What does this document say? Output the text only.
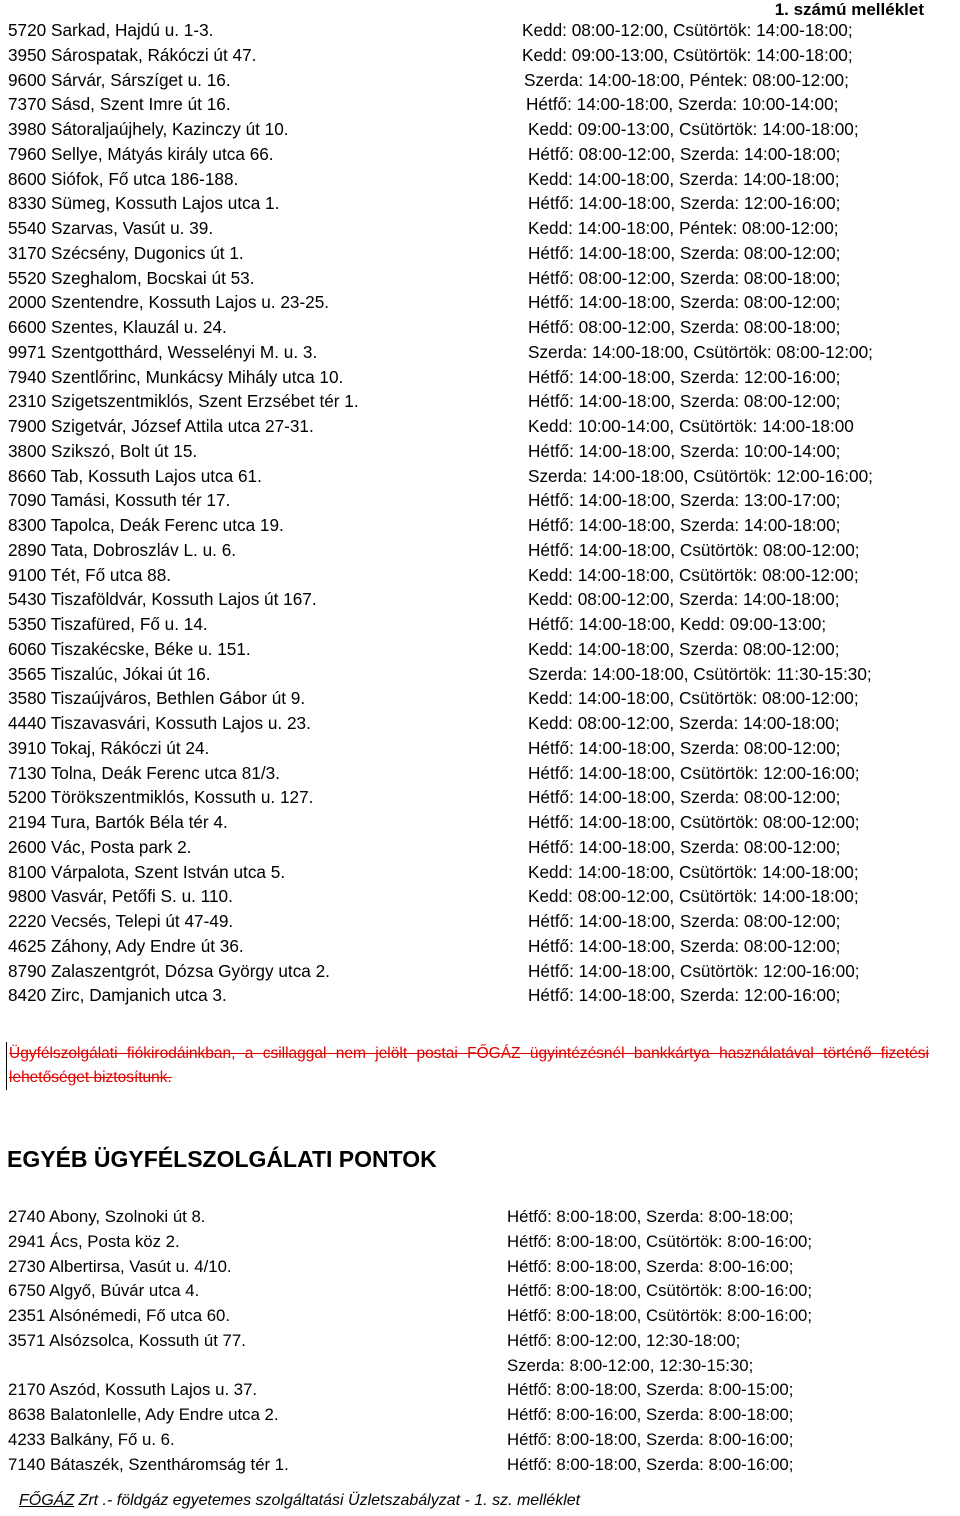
1. számú melléklet
5720 Sarkad, Hajdú u. 1-3.	Kedd: 08:00-12:00, Csütörtök: 14:00-18:00;
3950 Sárospatak, Rákóczi út 47.	Kedd: 09:00-13:00, Csütörtök: 14:00-18:00;
9600 Sárvár, Sárszíget u. 16.	Szerda: 14:00-18:00, Péntek: 08:00-12:00;
7370 Sásd, Szent Imre út 16.	Hétfő: 14:00-18:00, Szerda: 10:00-14:00;
3980 Sátoraljaújhely, Kazinczy út 10.	Kedd: 09:00-13:00, Csütörtök: 14:00-18:00;
7960 Sellye, Mátyás király utca 66.	Hétfő: 08:00-12:00, Szerda: 14:00-18:00;
8600 Siófok, Fő utca 186-188.	Kedd: 14:00-18:00, Szerda: 14:00-18:00;
8330 Sümeg, Kossuth Lajos utca 1.	Hétfő: 14:00-18:00, Szerda: 12:00-16:00;
5540 Szarvas, Vasút u. 39.	Kedd: 14:00-18:00, Péntek: 08:00-12:00;
3170 Szécsény, Dugonics út 1.	Hétfő: 14:00-18:00, Szerda: 08:00-12:00;
5520 Szeghalom, Bocskai út 53.	Hétfő: 08:00-12:00, Szerda: 08:00-18:00;
2000 Szentendre, Kossuth Lajos u. 23-25.	Hétfő: 14:00-18:00, Szerda: 08:00-12:00;
6600 Szentes, Klauzál u. 24.	Hétfő: 08:00-12:00, Szerda: 08:00-18:00;
9971 Szentgotthárd, Wesselényi M. u. 3.	Szerda: 14:00-18:00, Csütörtök: 08:00-12:00;
7940 Szentlőrinc, Munkácsy Mihály utca 10.	Hétfő: 14:00-18:00, Szerda: 12:00-16:00;
2310 Szigetszentmiklós, Szent Erzsébet tér 1.	Hétfő: 14:00-18:00, Szerda: 08:00-12:00;
7900 Szigetvár, József Attila utca 27-31.	Kedd: 10:00-14:00, Csütörtök: 14:00-18:00
3800 Szikszó, Bolt út 15.	Hétfő: 14:00-18:00, Szerda: 10:00-14:00;
8660 Tab, Kossuth Lajos utca 61.	Szerda: 14:00-18:00, Csütörtök: 12:00-16:00;
7090 Tamási, Kossuth tér 17.	Hétfő: 14:00-18:00, Szerda: 13:00-17:00;
8300 Tapolca, Deák Ferenc utca 19.	Hétfő: 14:00-18:00, Szerda: 14:00-18:00;
2890 Tata, Dobroszláv L. u. 6.	Hétfő: 14:00-18:00, Csütörtök: 08:00-12:00;
9100 Tét, Fő utca 88.	Kedd: 14:00-18:00, Csütörtök: 08:00-12:00;
5430 Tiszaföldvár, Kossuth Lajos út 167.	Kedd: 08:00-12:00, Szerda: 14:00-18:00;
5350 Tiszafüred, Fő u. 14.	Hétfő: 14:00-18:00, Kedd: 09:00-13:00;
6060 Tiszakécske, Béke u. 151.	Kedd: 14:00-18:00, Szerda: 08:00-12:00;
3565 Tiszalúc, Jókai út 16.	Szerda: 14:00-18:00, Csütörtök: 11:30-15:30;
3580 Tiszaújváros, Bethlen Gábor út 9.	Kedd: 14:00-18:00, Csütörtök: 08:00-12:00;
4440 Tiszavasvári, Kossuth Lajos u. 23.	Kedd: 08:00-12:00, Szerda: 14:00-18:00;
3910 Tokaj, Rákóczi út 24.	Hétfő: 14:00-18:00, Szerda: 08:00-12:00;
7130 Tolna, Deák Ferenc utca 81/3.	Hétfő: 14:00-18:00, Csütörtök: 12:00-16:00;
5200 Törökszentmiklós, Kossuth u. 127.	Hétfő: 14:00-18:00, Szerda: 08:00-12:00;
2194 Tura, Bartók Béla tér 4.	Hétfő: 14:00-18:00, Csütörtök: 08:00-12:00;
2600 Vác, Posta park 2.	Hétfő: 14:00-18:00, Szerda: 08:00-12:00;
8100 Várpalota, Szent István utca 5.	Kedd: 14:00-18:00, Csütörtök: 14:00-18:00;
9800 Vasvár, Petőfi S. u. 110.	Kedd: 08:00-12:00, Csütörtök: 14:00-18:00;
2220 Vecsés, Telepi út 47-49.	Hétfő: 14:00-18:00, Szerda: 08:00-12:00;
4625 Záhony, Ady Endre út 36.	Hétfő: 14:00-18:00, Szerda: 08:00-12:00;
8790 Zalaszentgrót, Dózsa György utca 2.	Hétfő: 14:00-18:00, Csütörtök: 12:00-16:00;
8420 Zirc, Damjanich utca 3.	Hétfő: 14:00-18:00, Szerda: 12:00-16:00;
Ügyfélszolgálati fiókirodáinkban, a csillaggal nem jelölt postai FŐGÁZ ügyintézésnél bankkártya használatával történő fizetési lehetőséget biztosítunk.
EGYÉB ÜGYFÉLSZOLGÁLATI PONTOK
2740 Abony, Szolnoki út 8.	Hétfő: 8:00-18:00, Szerda: 8:00-18:00;
2941 Ács, Posta köz 2.	Hétfő: 8:00-18:00, Csütörtök: 8:00-16:00;
2730 Albertirsa, Vasút u. 4/10.	Hétfő: 8:00-18:00, Szerda: 8:00-16:00;
6750 Algyő, Búvár utca 4.	Hétfő: 8:00-18:00, Csütörtök: 8:00-16:00;
2351 Alsónémedi, Fő utca 60.	Hétfő: 8:00-18:00, Csütörtök: 8:00-16:00;
3571 Alsózsolca, Kossuth út 77.	Hétfő: 8:00-12:00, 12:30-18:00;
Szerda: 8:00-12:00, 12:30-15:30;
2170 Aszód, Kossuth Lajos u. 37.	Hétfő: 8:00-18:00, Szerda: 8:00-15:00;
8638 Balatonlelle, Ady Endre utca 2.	Hétfő: 8:00-16:00, Szerda: 8:00-18:00;
4233 Balkány, Fő u. 6.	Hétfő: 8:00-18:00, Szerda: 8:00-16:00;
7140 Bátaszék, Szentháromság tér 1.	Hétfő: 8:00-18:00, Szerda: 8:00-16:00;
FŐGÁZ Zrt .- földgáz egyetemes szolgáltatási Üzletszabályzat - 1. sz. melléklet
